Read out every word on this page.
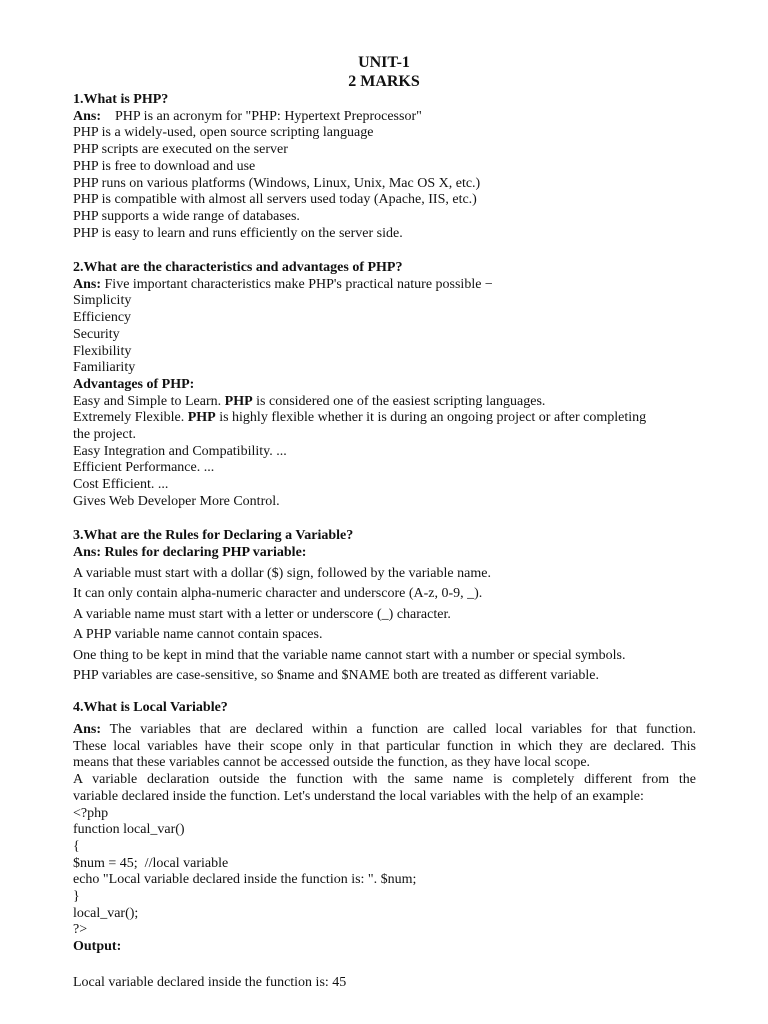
UNIT-1
2 MARKS
1.What is PHP?
Ans: PHP is an acronym for "PHP: Hypertext Preprocessor"
PHP is a widely-used, open source scripting language
PHP scripts are executed on the server
PHP is free to download and use
PHP runs on various platforms (Windows, Linux, Unix, Mac OS X, etc.)
PHP is compatible with almost all servers used today (Apache, IIS, etc.)
PHP supports a wide range of databases.
PHP is easy to learn and runs efficiently on the server side.
2.What are the characteristics and advantages of PHP?
Ans: Five important characteristics make PHP's practical nature possible −
Simplicity
Efficiency
Security
Flexibility
Familiarity
Advantages of PHP:
Easy and Simple to Learn. PHP is considered one of the easiest scripting languages.
Extremely Flexible. PHP is highly flexible whether it is during an ongoing project or after completing
the project.
Easy Integration and Compatibility. ...
Efficient Performance. ...
Cost Efficient. ...
Gives Web Developer More Control.
3.What are the Rules for Declaring a Variable?
Ans: Rules for declaring PHP variable:
A variable must start with a dollar ($) sign, followed by the variable name.
It can only contain alpha-numeric character and underscore (A-z, 0-9, _).
A variable name must start with a letter or underscore (_) character.
A PHP variable name cannot contain spaces.
One thing to be kept in mind that the variable name cannot start with a number or special symbols.
PHP variables are case-sensitive, so $name and $NAME both are treated as different variable.
4.What is Local Variable?
Ans: The variables that are declared within a function are called local variables for that function.
These local variables have their scope only in that particular function in which they are declared. This
means that these variables cannot be accessed outside the function, as they have local scope.
A variable declaration outside the function with the same name is completely different from the
variable declared inside the function. Let's understand the local variables with the help of an example:
<?php
function local_var()
{
$num = 45;  //local variable
echo "Local variable declared inside the function is: ". $num;
}
local_var();
?>
Output:
Local variable declared inside the function is: 45
